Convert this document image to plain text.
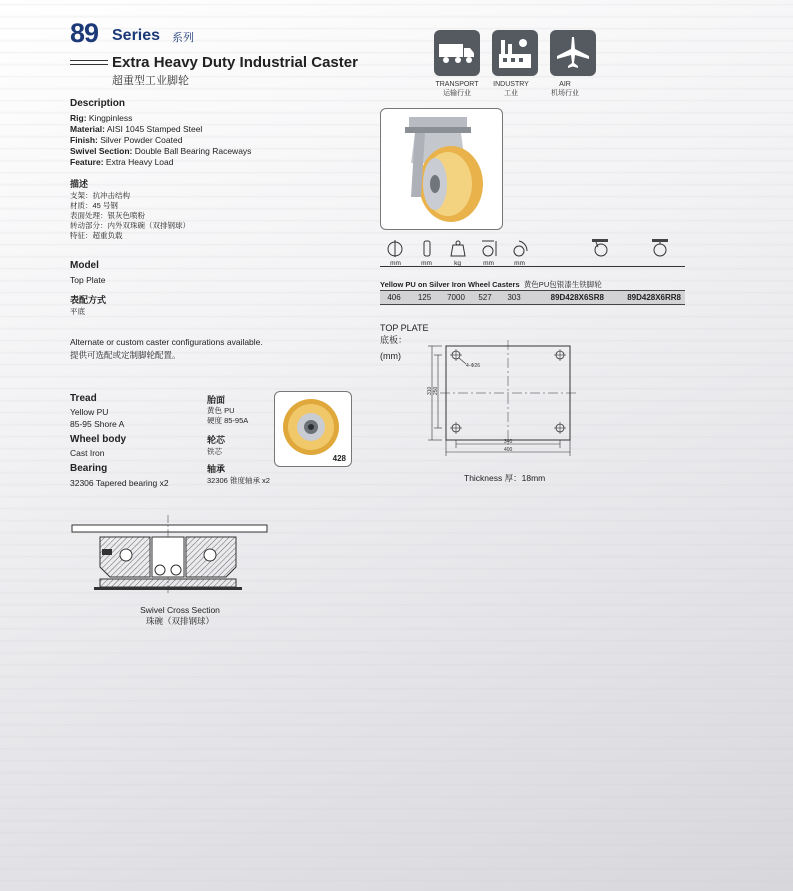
89 Series 系列
Extra Heavy Duty Industrial Caster
超重型工业脚轮	TRANSPORT
运输行业
INDUSTRY
工业
AIR
机场行业
Description
Rig: Kingpinless
Material: AISI 1045 Stamped Steel
Finish: Silver Powder Coated
Swivel Section: Double Ball Bearing Raceways
Feature: Extra Heavy Load
描述
支架：抗冲击结构
材质：45 号钢
表面处理：银灰色喷粉
转动部分：内外双珠碗（双排钢球）
特征：超重负载
Model
Top Plate
表配方式
平底
Alternate or custom caster configurations available.
提供可选配或定制脚轮配置。
Tread
Yellow PU
85-95 Shore A
Wheel body
Cast Iron
Bearing
32306 Tapered bearing x2
胎面
黄色 PU
硬度 85-95A
轮芯
铁芯
轴承
32306 锥度轴承 x2
428
mm	mm	kg	mm	mm
Yellow PU on Silver Iron Wheel Casters 黄色PU包银漆生铁脚轮
406	125	7000	527	303	89D428X6SR8	89D428X6RR8
TOP PLATE
底板：
(mm)
4-Φ26
340
400
250
310
Thickness 厚：18mm
Swivel Cross Section
珠碗（双排钢球）
